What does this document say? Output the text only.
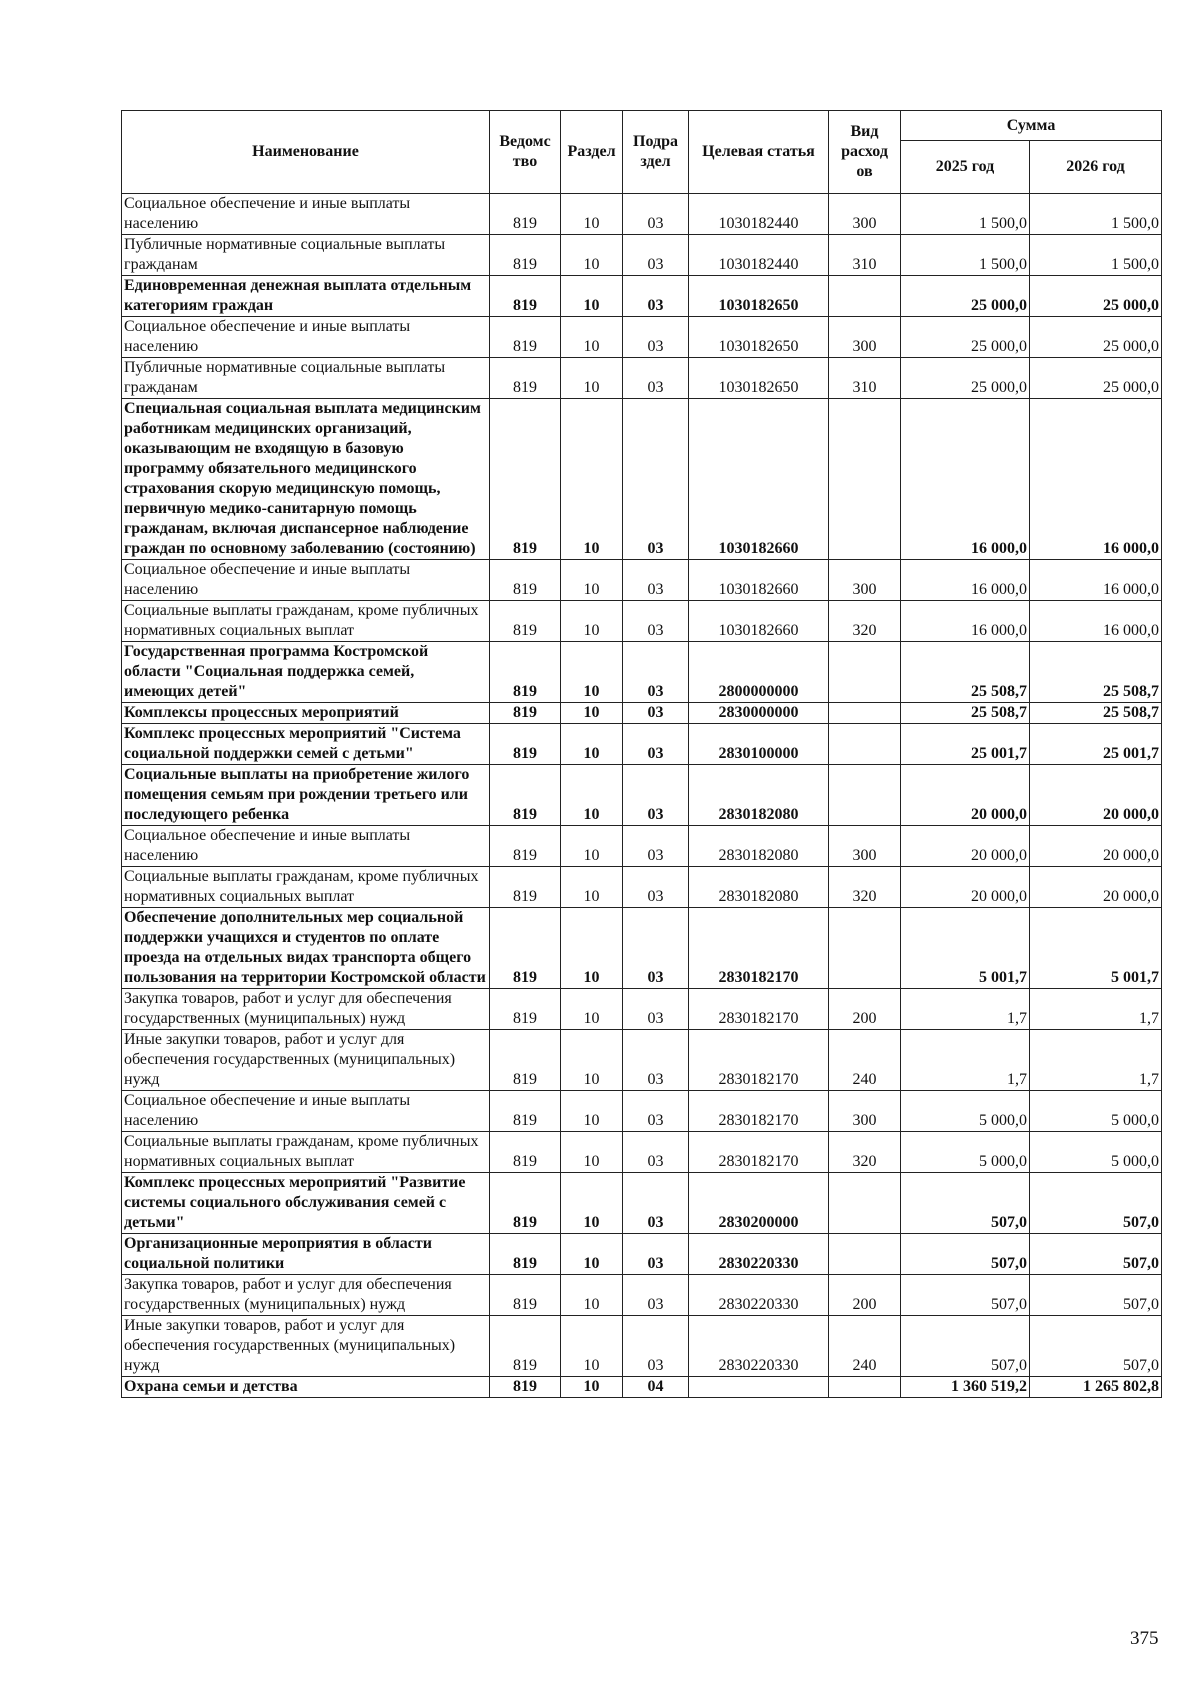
Наименование	Ведомс тво	Раздел	Подра здел	Целевая статья	Вид расход ов	Сумма	
						2025 год	2026 год
Социальное обеспечение и иные выплаты населению	819	10	03	1030182440	300	1 500,0	1 500,0
Публичные нормативные социальные выплаты гражданам	819	10	03	1030182440	310	1 500,0	1 500,0
Единовременная денежная выплата отдельным категориям граждан	819	10	03	1030182650		25 000,0	25 000,0
Социальное обеспечение и иные выплаты населению	819	10	03	1030182650	300	25 000,0	25 000,0
Публичные нормативные социальные выплаты гражданам	819	10	03	1030182650	310	25 000,0	25 000,0
Специальная социальная выплата медицинским работникам медицинских организаций, оказывающим не входящую в базовую программу обязательного медицинского страхования скорую медицинскую помощь, первичную медико-санитарную помощь гражданам, включая диспансерное наблюдение граждан по основному заболеванию (состоянию)	819	10	03	1030182660		16 000,0	16 000,0
Социальное обеспечение и иные выплаты населению	819	10	03	1030182660	300	16 000,0	16 000,0
Социальные выплаты гражданам, кроме публичных нормативных социальных выплат	819	10	03	1030182660	320	16 000,0	16 000,0
Государственная программа Костромской области "Социальная поддержка семей, имеющих детей"	819	10	03	2800000000		25 508,7	25 508,7
Комплексы процессных мероприятий	819	10	03	2830000000		25 508,7	25 508,7
Комплекс процессных мероприятий "Система социальной поддержки семей с детьми"	819	10	03	2830100000		25 001,7	25 001,7
Социальные выплаты на приобретение жилого помещения семьям при рождении третьего или последующего ребенка	819	10	03	2830182080		20 000,0	20 000,0
Социальное обеспечение и иные выплаты населению	819	10	03	2830182080	300	20 000,0	20 000,0
Социальные выплаты гражданам, кроме публичных нормативных социальных выплат	819	10	03	2830182080	320	20 000,0	20 000,0
Обеспечение дополнительных мер социальной поддержки учащихся и студентов по оплате проезда на отдельных видах транспорта общего пользования на территории Костромской области	819	10	03	2830182170		5 001,7	5 001,7
Закупка товаров, работ и услуг для обеспечения государственных (муниципальных) нужд	819	10	03	2830182170	200	1,7	1,7
Иные закупки товаров, работ и услуг для обеспечения государственных (муниципальных) нужд	819	10	03	2830182170	240	1,7	1,7
Социальное обеспечение и иные выплаты населению	819	10	03	2830182170	300	5 000,0	5 000,0
Социальные выплаты гражданам, кроме публичных нормативных социальных выплат	819	10	03	2830182170	320	5 000,0	5 000,0
Комплекс процессных мероприятий "Развитие системы социального обслуживания семей с детьми"	819	10	03	2830200000		507,0	507,0
Организационные мероприятия в области социальной политики	819	10	03	2830220330		507,0	507,0
Закупка товаров, работ и услуг для обеспечения государственных (муниципальных) нужд	819	10	03	2830220330	200	507,0	507,0
Иные закупки товаров, работ и услуг для обеспечения государственных (муниципальных) нужд	819	10	03	2830220330	240	507,0	507,0
Охрана семьи и детства	819	10	04			1 360 519,2	1 265 802,8
375
